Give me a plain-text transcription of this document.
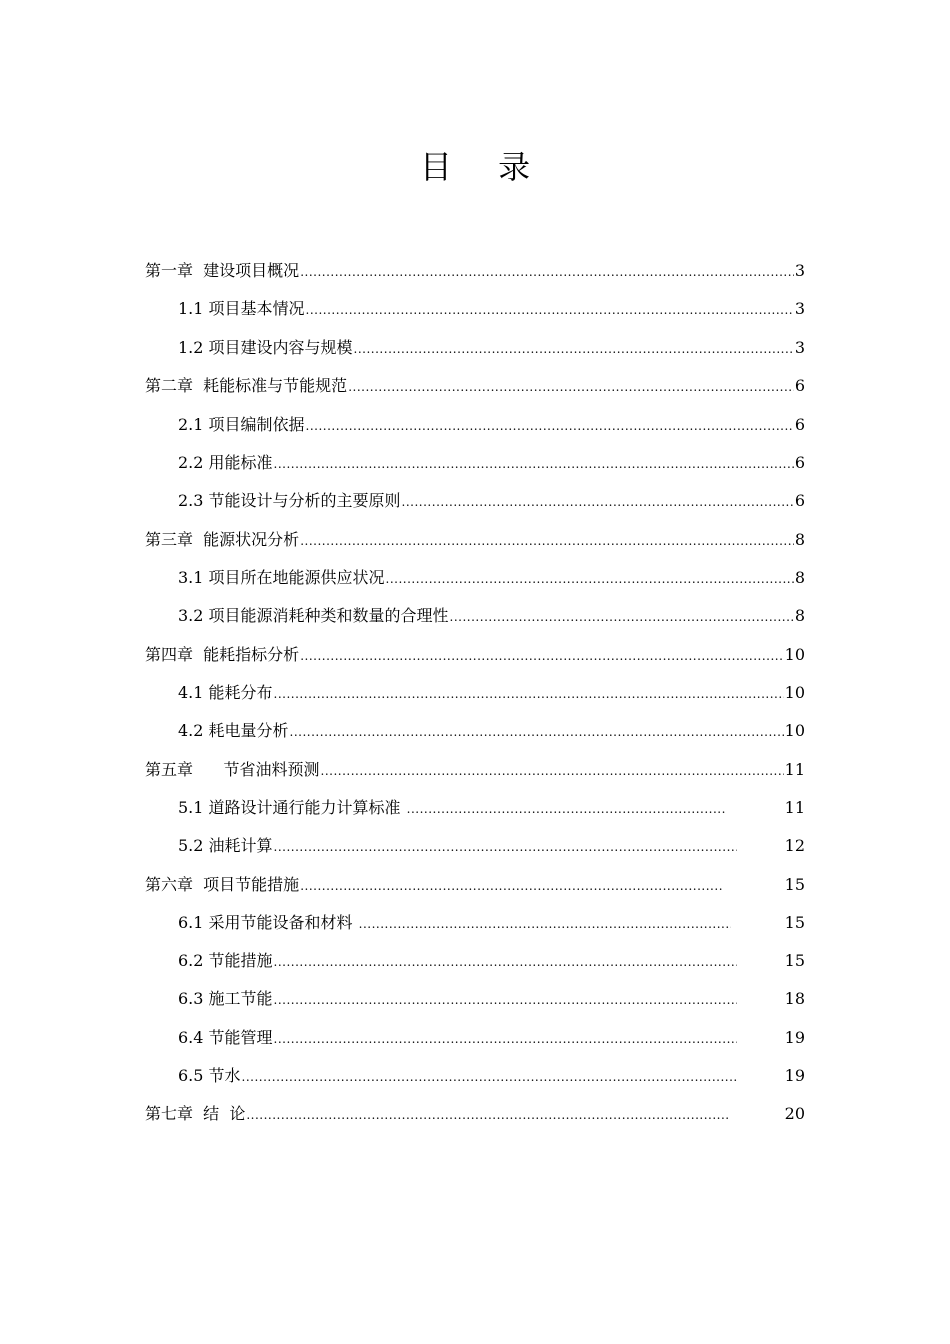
目 录
第一章  建设项目概况 .....	3
1.1 项目基本情况 .....	3
1.2 项目建设内容与规模 .....	3
第二章  耗能标准与节能规范 .....	6
2.1 项目编制依据 .....	6
2.2 用能标准 .....	6
2.3 节能设计与分析的主要原则 .....	6
第三章  能源状况分析 .....	8
3.1 项目所在地能源供应状况 .....	8
3.2 项目能源消耗种类和数量的合理性 .....	8
第四章  能耗指标分析 .....	10
4.1 能耗分布 .....	10
4.2 耗电量分析 .....	10
第五章      节省油料预测 .....	11
5.1 道路设计通行能力计算标准 .....	11
5.2 油耗计算 .....	12
第六章  项目节能措施 .....	15
6.1 采用节能设备和材料 .....	15
6.2 节能措施 .....	15
6.3 施工节能 .....	18
6.4 节能管理 .....	19
6.5 节水 .....	19
第七章  结  论 .....	20
